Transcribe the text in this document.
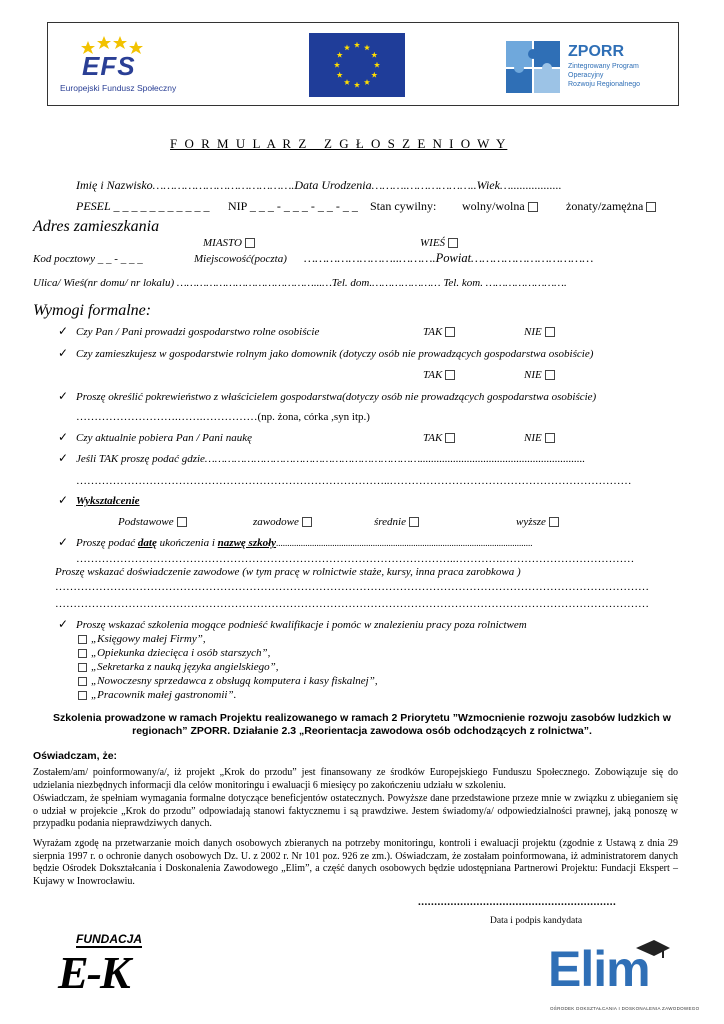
EFS
Europejski Fundusz Społeczny
ZPORR
Zintegrowany Program
Operacyjny
Rozwoju Regionalnego
F O R M U L A R Z   Z G Ł O S Z E N I O W Y
Imię i Nazwisko………………………………….Data Urodzenia……….………………..Wiek….................
PESEL _ _ _ _ _ _ _ _ _ _ _ NIP _ _ _ - _ _ _ - _ _ - _ _ Stan cywilny: wolny/wolna	żonaty/zamężna
Adres zamieszkania
MIASTO	WIEŚ
Kod pocztowy _ _ - _ _ _	Miejscowość(poczta) ……………………..……….Powiat……………………………
Ulica/ Wieś(nr domu/ nr lokalu) ……………………………………...…Tel. dom.………………… Tel. kom. …………………….
Wymogi formalne:
✓ Czy Pan / Pani prowadzi gospodarstwo rolne osobiście	TAK	NIE
✓ Czy zamieszkujesz w gospodarstwie rolnym jako domownik (dotyczy osób nie prowadzących gospodarstwa osobiście)
TAK	NIE
✓ Proszę określić pokrewieństwo z właścicielem gospodarstwa(dotyczy osób nie prowadzących gospodarstwa osobiście)
……………………….…….……………(np. żona, córka ,syn itp.)
✓ Czy aktualnie pobiera Pan / Pani naukę	TAK	NIE
✓ Jeśli TAK proszę podać gdzie…………………………………………………………............................................................
…………………………………………………………………………..…………………………………………………………
✓ Wykształcenie
Podstawowe	zawodowe	średnie	wyższe
✓ Proszę podać datę ukończenia i nazwę szkoły..................................................................................................................
…………………………………………………………………………………………..………….………………………………
Proszę wskazać doświadczenie zawodowe (w tym pracę w rolnictwie staże, kursy, inna praca zarobkowa )
………………………………………………………………………………………………………………………………………………
………………………………………………………………………………………………………………………………………………
✓ Proszę wskazać szkolenia mogące podnieść kwalifikacje i pomóc w znalezieniu pracy poza rolnictwem
„Księgowy małej Firmy”,
„Opiekunka dziecięca i osób starszych”,
„Sekretarka z nauką języka angielskiego”,
„Nowoczesny sprzedawca z obsługą komputera i kasy fiskalnej”,
„Pracownik małej gastronomii”.
Szkolenia prowadzone w ramach Projektu realizowanego w ramach 2 Priorytetu ”Wzmocnienie rozwoju zasobów ludzkich w regionach” ZPORR. Działanie 2.3 „Reorientacja zawodowa osób odchodzących z rolnictwa”.
Oświadczam, że:
Zostałem/am/ poinformowany/a/, iż projekt „Krok do przodu” jest finansowany ze środków Europejskiego Funduszu Społecznego. Zobowiązuje się do udzielania niezbędnych informacji dla celów monitoringu i ewaluacji 6 miesięcy po zakończeniu udziału w szkoleniu.
Oświadczam, że spełniam wymagania formalne dotyczące beneficjentów ostatecznych. Powyższe dane przedstawione przeze mnie w związku z ubieganiem się o udział w projekcie „Krok do przodu” odpowiadają stanowi faktycznemu i są prawdziwe. Jestem świadomy/a/ odpowiedzialności prawnej, jaką ponoszę w przypadku podania nieprawdziwych danych.
Wyrażam zgodę na przetwarzanie moich danych osobowych zbieranych na potrzeby monitoringu, kontroli i ewaluacji projektu (zgodnie z Ustawą z dnia 29 sierpnia 1997 r. o ochronie danych osobowych Dz. U. z 2002 r. Nr 101 poz. 926 ze zm.). Oświadczam, że zostałam poinformowana, iż administratorem danych będzie Ośrodek Dokształcania i Doskonalenia Zawodowego „Elim”, a część danych osobowych będzie udostępniana Partnerowi Projektu: Fundacji Ekspert – Kujawy w Inowrocławiu.
.............................................................
Data i podpis kandydata
FUNDACJA
E-K	Elim
OŚRODEK DOKSZTAŁCANIA I DOSKONALENIA ZAWODOWEGO
